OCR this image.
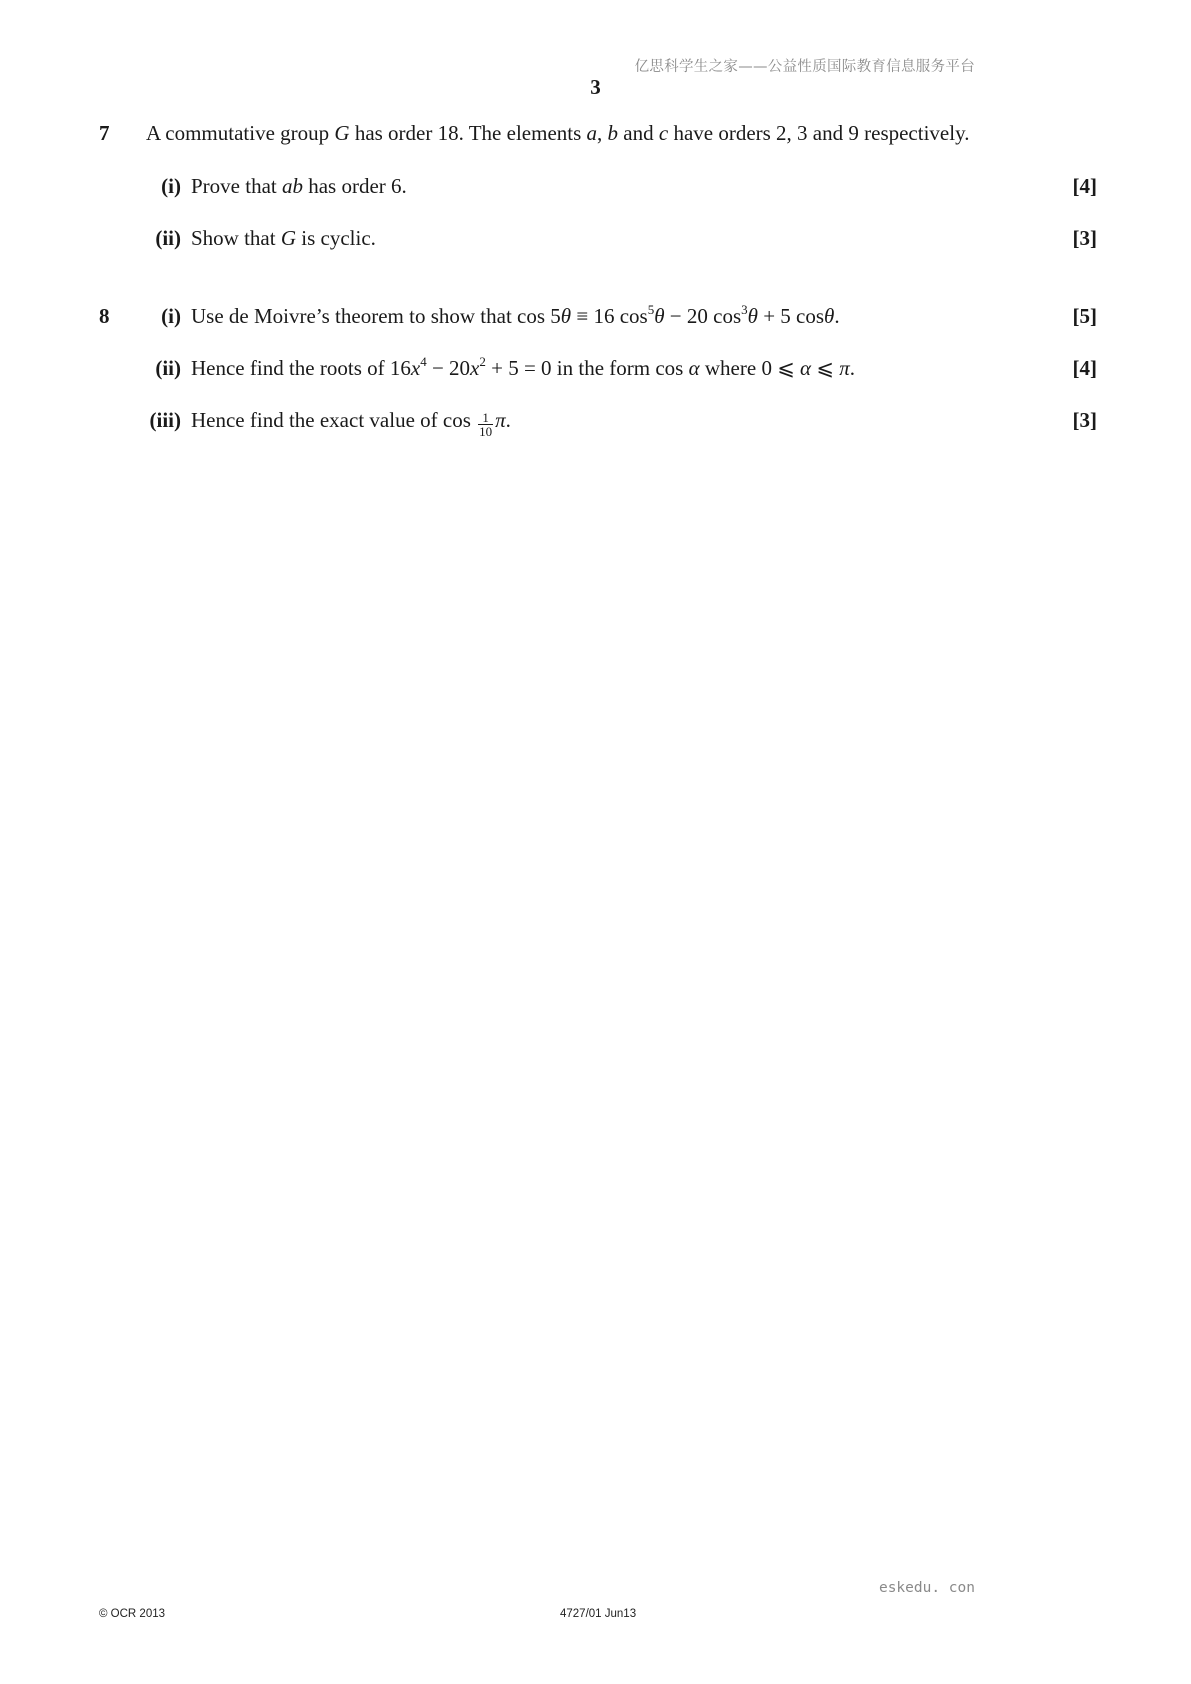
亿思科学生之家——公益性质国际教育信息服务平台
3
7 A commutative group G has order 18. The elements a, b and c have orders 2, 3 and 9 respectively.
(i) Prove that ab has order 6.	[4]
(ii) Show that G is cyclic.	[3]
8	(i) Use de Moivre’s theorem to show that cos 5θ ≡ 16 $\cos^5\theta - 20$ $\cos^3\theta + 5$ cosθ.	[5]
(ii) Hence find the roots of $16x^4 - 20x^2 + 5 = 0$ in the form cos α where 0 ⩽ α ⩽ π.	[4]
(iii) Hence find the exact value of $\cos \frac{1}{10} \pi$.	[3]
eskedu. con
© OCR 2013	4727/01 Jun13
